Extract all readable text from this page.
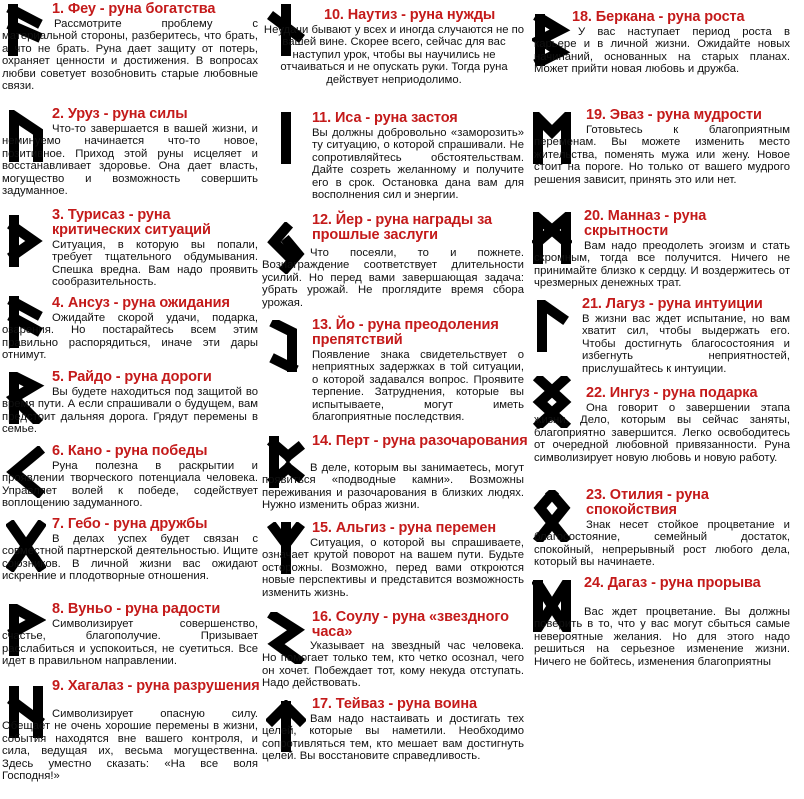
1. Феу - руна богатства
Рассмотрите проблему с материальной стороны, разберитесь, что брать, а что не брать. Руна дает защиту от потерь, охраняет ценности и достижения. В вопросах любви советует возобновить старые любовные связи.
2. Уруз - руна силы
Что-то завершается в вашей жизни, и неминуемо начинается что-то новое, позитивное. Приход этой руны исцеляет и восстанавливает здоровье. Она дает власть, могущество и возможность совершить задуманное.
3. Турисаз - руна критических ситуаций
Ситуация, в которую вы попали, требует тщательного обдумывания. Спешка вредна. Вам надо проявить сообразительность.
4. Ансуз - руна ожидания
Ожидайте скорой удачи, подарка, озарения. Но постарайтесь всем этим правильно распорядиться, иначе эти дары отнимут.
5. Райдо - руна дороги
Вы будете находиться под защитой во время пути. А если спрашивали о будущем, вам предстоит дальняя дорога. Грядут перемены в семье.
6. Кано - руна победы
Руна полезна в раскрытии и проявлении творческого потенциала человека. Управляет волей к победе, содействует воплощению задуманного.
7. Гебо - руна дружбы
В делах успех будет связан с совместной партнерской деятельностью. Ищите союзников. В личной жизни вас ожидают искренние и плодотворные отношения.
8. Вуньо - руна радости
Символизирует совершенство, счастье, благополучие. Призывает расслабиться и успокоиться, не суетиться. Все идет в правильном направлении.
9. Хагалаз - руна разрушения
Символизирует опасную силу. Обещает не очень хорошие перемены в жизни, события находятся вне вашего контроля, и сила, ведущая их, весьма могущественна. Здесь уместно сказать: «На все воля Господня!»
10. Наутиз - руна нужды
Неудачи бывают у всех и иногда случаются не по вашей вине. Скорее всего, сейчас для вас наступил урок, чтобы вы научились не отчаиваться и не опускать руки. Тогда руна действует неприодолимо.
11. Иса - руна застоя
Вы должны добровольно «заморозить» ту ситуацию, о которой спрашивали. Не сопротивляйтесь обстоятельствам. Дайте созреть желанному и получите его в срок. Остановка дана вам для восполнения сил и энергии.
12. Йер - руна награды за прошлые заслуги
Что посеяли, то и пожнете. Вознаграждение соответствует длительности усилий. Но перед вами завершающая задача: убрать урожай. Не проглядите время сбора урожая.
13. Йо - руна преодоления препятствий
Появление знака свидетельствует о неприятных задержках в той ситуации, о которой задавался вопрос. Проявите терпение. Затруднения, которые вы испытываете, могут иметь благоприятные последствия.
14. Перт - руна разочарования
В деле, которым вы занимаетесь, могут появиться «подводные камни». Возможны переживания и разочарования в близких людях. Нужно изменить образ жизни.
15. Альгиз - руна перемен
Ситуация, о которой вы спрашиваете, означает крутой поворот на вашем пути. Будьте осторожны. Возможно, перед вами откроются новые перспективы и представится возможность изменить жизнь.
16. Соулу - руна «звездного часа»
Указывает на звездный час человека. Но помогает только тем, кто четко осознал, чего он хочет. Побеждает тот, кому некуда отступать. Надо действовать.
17. Тейваз - руна воина
Вам надо настаивать и достигать тех целей, которые вы наметили. Необходимо сопротивляться тем, кто мешает вам достигнуть целей. Вы восстановите справедливость.
18. Беркана - руна роста
У вас наступает период роста в карьере и в личной жизни. Ожидайте новых начинаний, основанных на старых планах. Может прийти новая любовь и дружба.
19. Эваз - руна мудрости
Готовьтесь к благоприятным переменам. Вы можете изменить место жительства, поменять мужа или жену. Новое стоит на пороге. Но только от вашего мудрого решения зависит, принять это или нет.
20. Манназ - руна скрытности
Вам надо преодолеть эгоизм и стать скромным, тогда все получится. Ничего не принимайте близко к сердцу. И воздержитесь от чрезмерных денежных трат.
21. Лагуз - руна интуиции
В жизни вас ждет испытание, но вам хватит сил, чтобы выдержать его. Чтобы достигнуть благосостояния и избегнуть неприятностей, прислушайтесь к интуиции.
22. Ингуз - руна подарка
Она говорит о завершении этапа жизни. Дело, которым вы сейчас заняты, благоприятно завершится. Легко освободитесь от очередной любовной привязанности. Руна символизирует новую любовь и новую работу.
23. Отилия - руна спокойствия
Знак несет стойкое процветание и благосостояние, семейный достаток, спокойный, непрерывный рост любого дела, который вы начинаете.
24. Дагаз - руна прорыва
Вас ждет процветание. Вы должны поверить в то, что у вас могут сбыться самые невероятные желания. Но для этого надо решиться на серьезное изменение жизни. Ничего не бойтесь, изменения благоприятны
